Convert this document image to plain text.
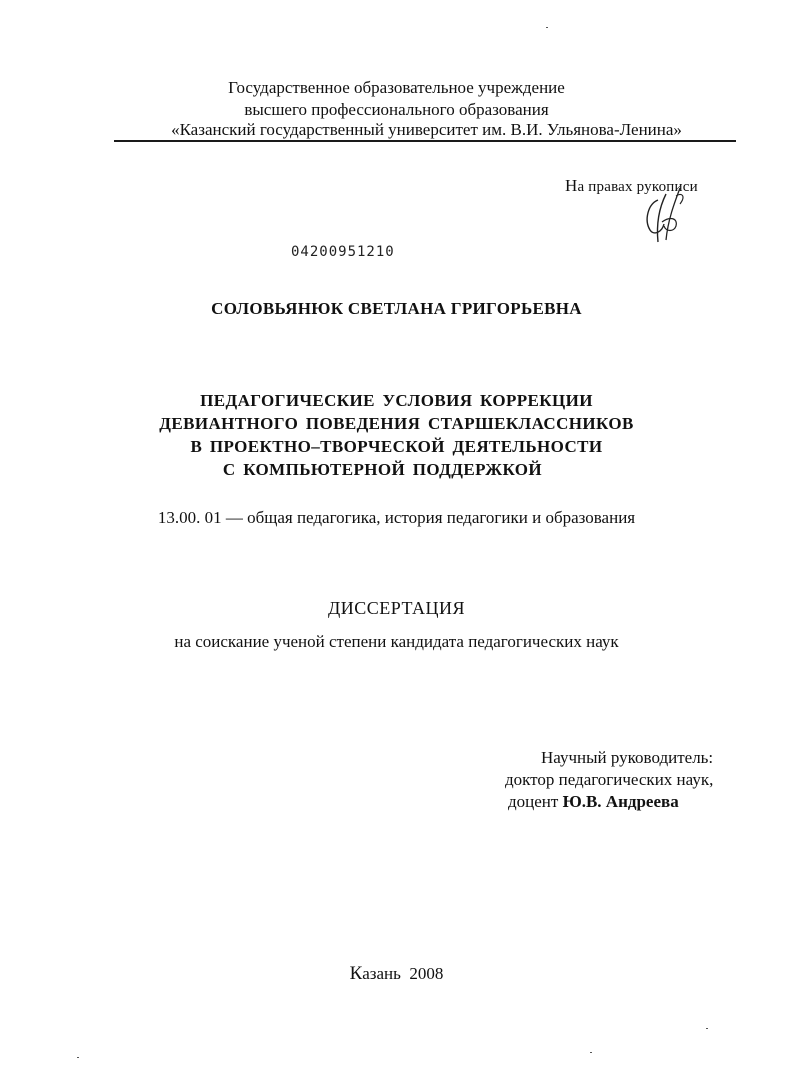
Государственное образовательное учреждение
высшего профессионального образования
«Казанский государственный университет им. В.И. Ульянова-Ленина»
На правах рукописи
04200951210
СОЛОВЬЯНЮК СВЕТЛАНА ГРИГОРЬЕВНА
ПЕДАГОГИЧЕСКИЕ УСЛОВИЯ КОРРЕКЦИИ
ДЕВИАНТНОГО ПОВЕДЕНИЯ СТАРШЕКЛАССНИКОВ
В ПРОЕКТНО–ТВОРЧЕСКОЙ ДЕЯТЕЛЬНОСТИ
С КОМПЬЮТЕРНОЙ ПОДДЕРЖКОЙ
13.00. 01 — общая педагогика, история педагогики и образования
ДИССЕРТАЦИЯ
на соискание ученой степени кандидата педагогических наук
Научный руководитель:
доктор педагогических наук,
доцент Ю.В. Андреева
Казань 2008
